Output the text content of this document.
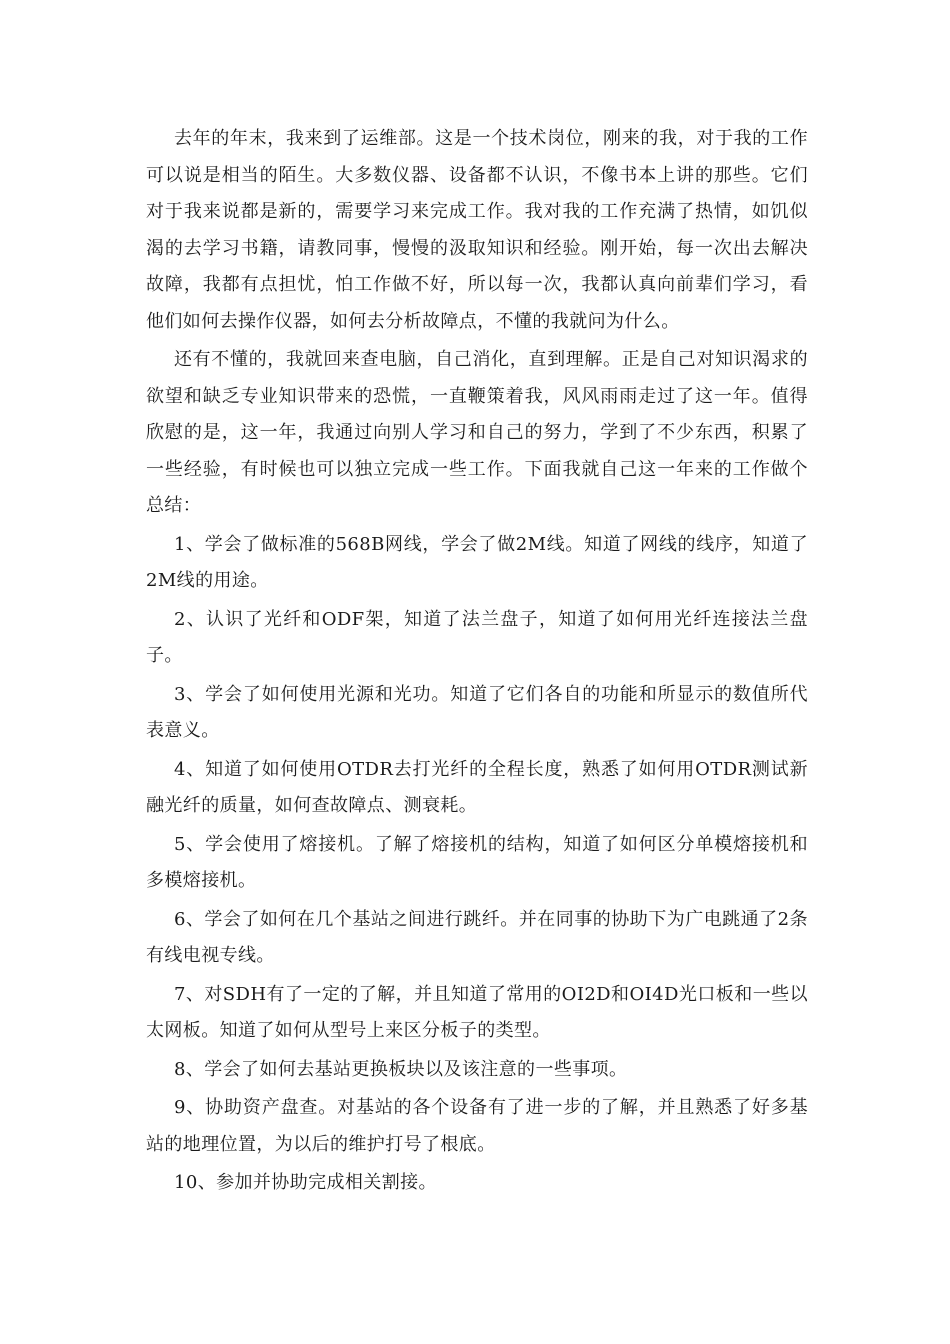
去年的年末，我来到了运维部。这是一个技术岗位，刚来的我，对于我的工作可以说是相当的陌生。大多数仪器、设备都不认识，不像书本上讲的那些。它们对于我来说都是新的，需要学习来完成工作。我对我的工作充满了热情，如饥似渴的去学习书籍，请教同事，慢慢的汲取知识和经验。刚开始，每一次出去解决故障，我都有点担忧，怕工作做不好，所以每一次，我都认真向前辈们学习，看他们如何去操作仪器，如何去分析故障点，不懂的我就问为什么。

还有不懂的，我就回来查电脑，自己消化，直到理解。正是自己对知识渴求的欲望和缺乏专业知识带来的恐慌，一直鞭策着我，风风雨雨走过了这一年。值得欣慰的是，这一年，我通过向别人学习和自己的努力，学到了不少东西，积累了一些经验，有时候也可以独立完成一些工作。下面我就自己这一年来的工作做个总结：

1、学会了做标准的568B网线，学会了做2M线。知道了网线的线序，知道了2M线的用途。

2、认识了光纤和ODF架，知道了法兰盘子，知道了如何用光纤连接法兰盘子。

3、学会了如何使用光源和光功。知道了它们各自的功能和所显示的数值所代表意义。

4、知道了如何使用OTDR去打光纤的全程长度，熟悉了如何用OTDR测试新融光纤的质量，如何查故障点、测衰耗。

5、学会使用了熔接机。了解了熔接机的结构，知道了如何区分单模熔接机和多模熔接机。

6、学会了如何在几个基站之间进行跳纤。并在同事的协助下为广电跳通了2条有线电视专线。

7、对SDH有了一定的了解，并且知道了常用的OI2D和OI4D光口板和一些以太网板。知道了如何从型号上来区分板子的类型。

8、学会了如何去基站更换板块以及该注意的一些事项。

9、协助资产盘查。对基站的各个设备有了进一步的了解，并且熟悉了好多基站的地理位置，为以后的维护打号了根底。

10、参加并协助完成相关割接。
